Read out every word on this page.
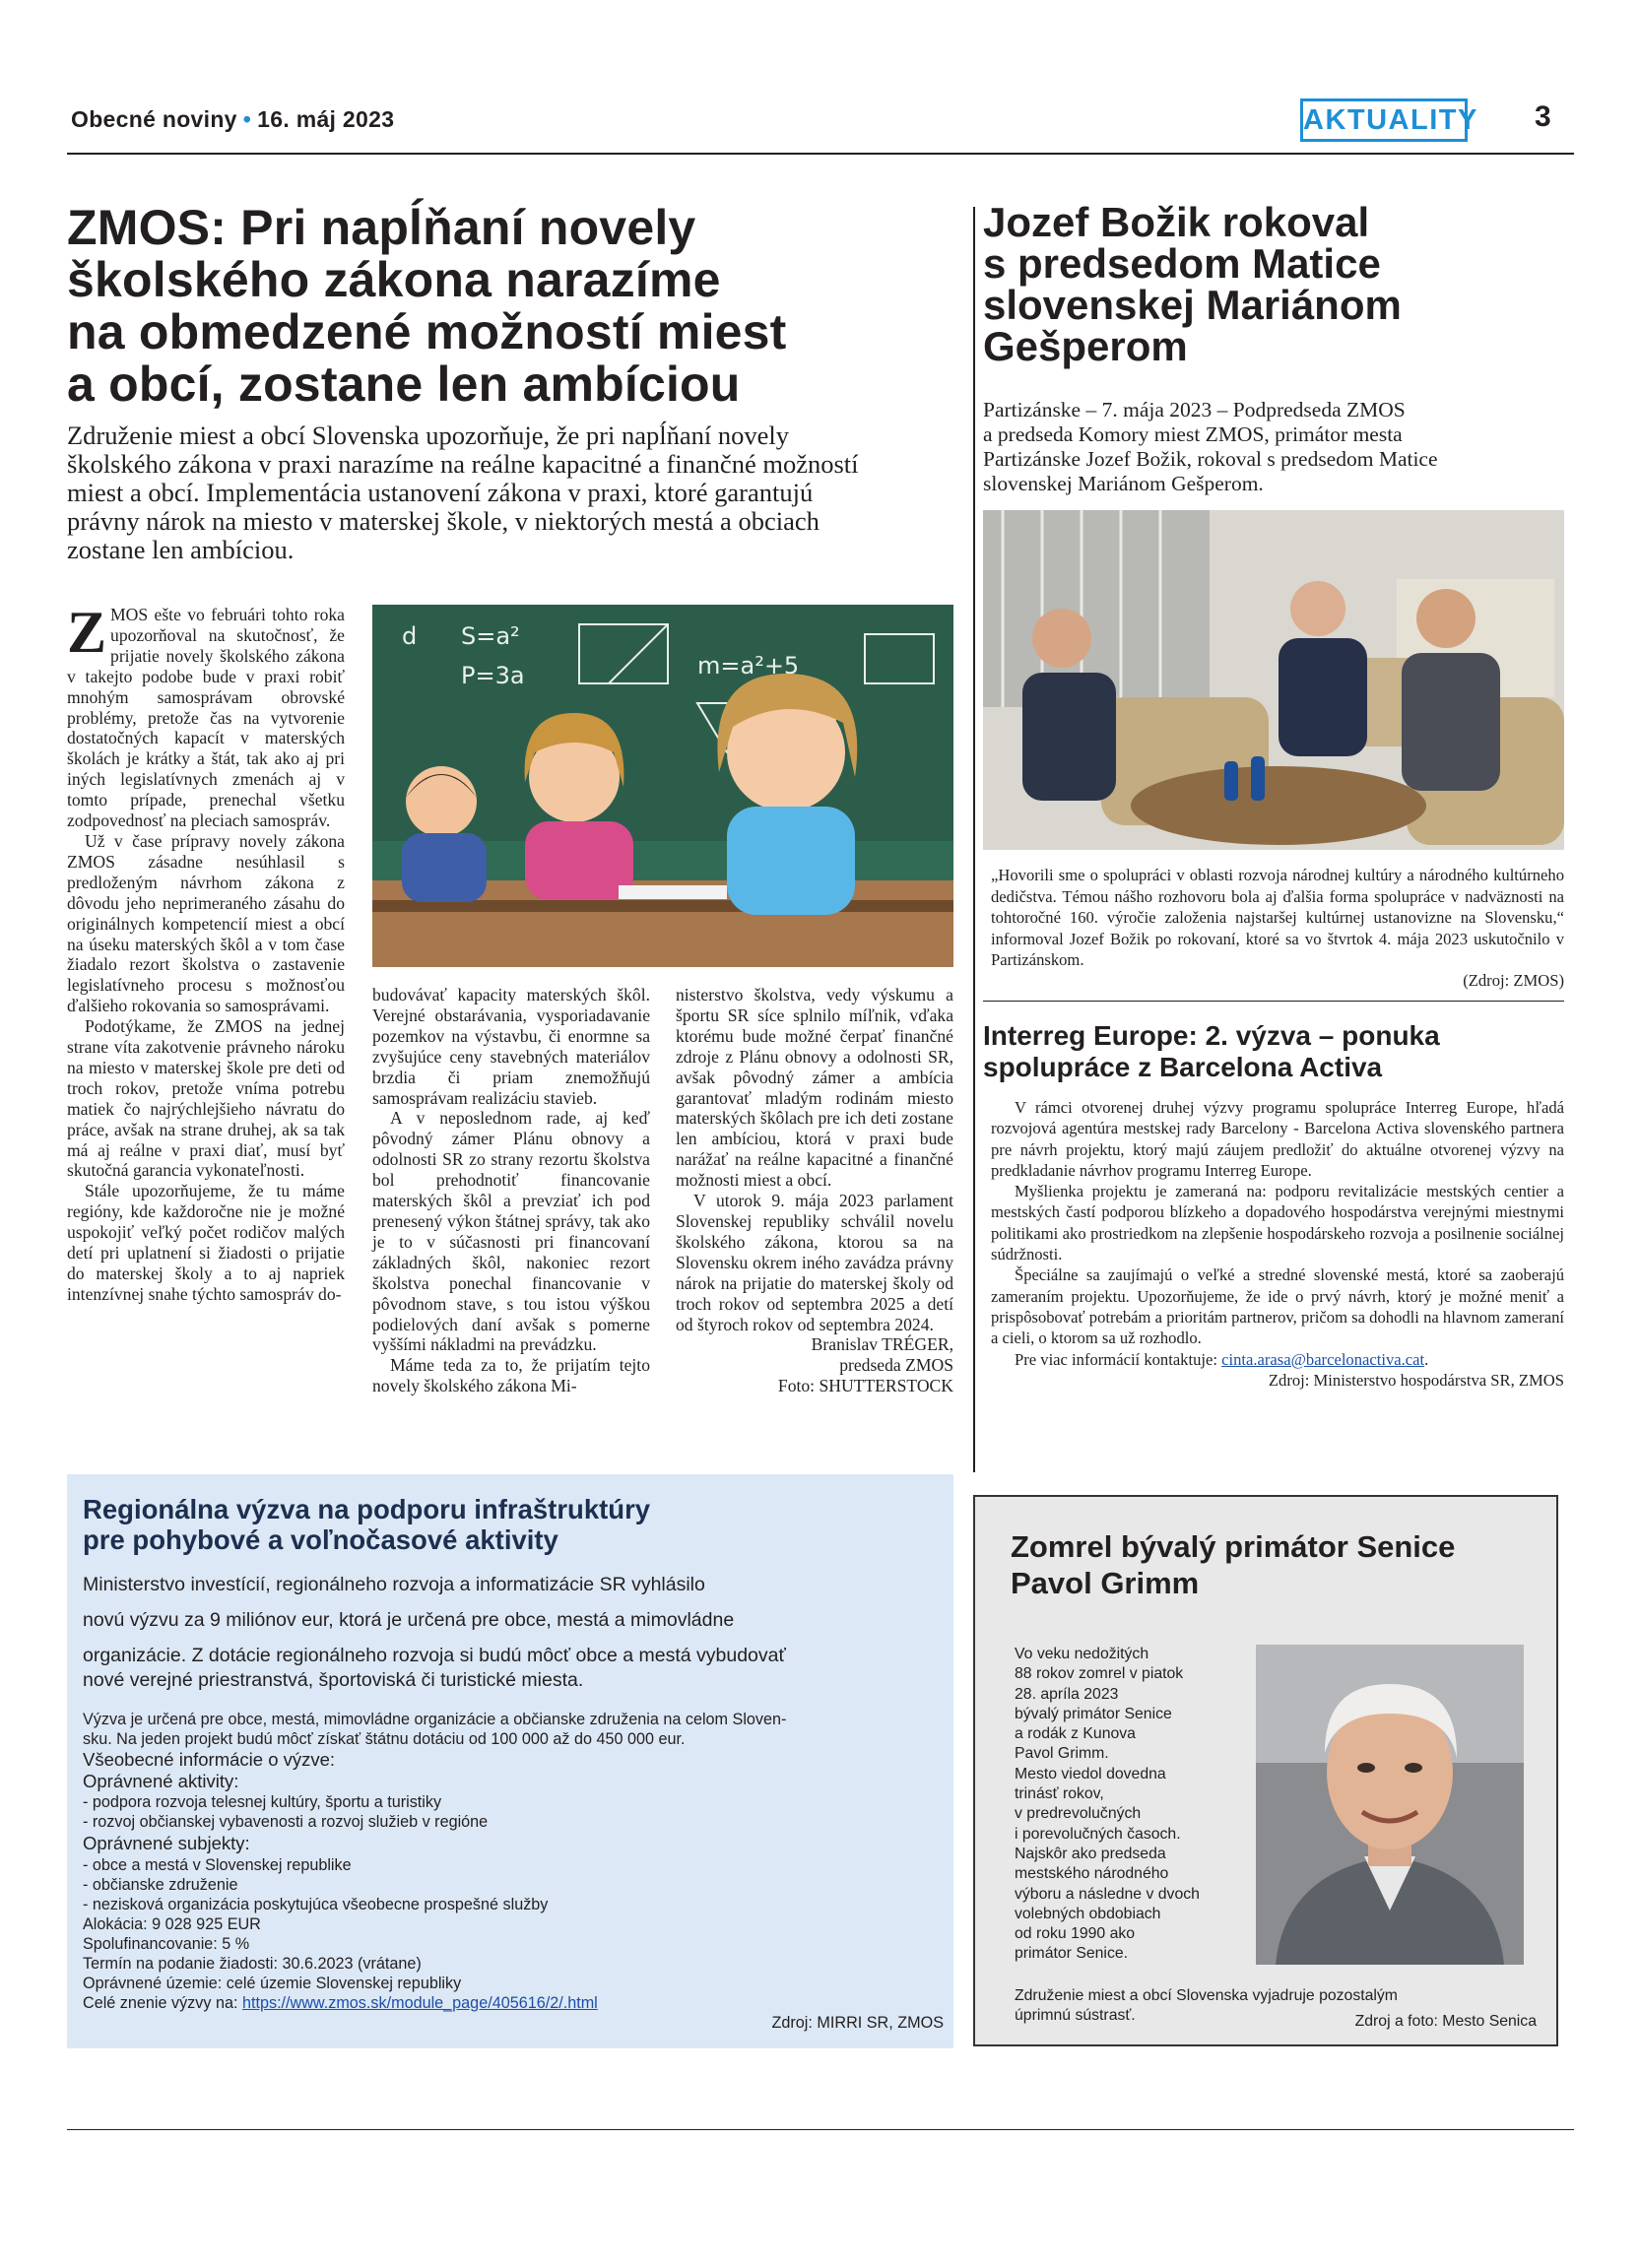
Obecné noviny • 16. máj 2023	AKTUALITY 3
ZMOS: Pri napĺňaní novely
školského zákona narazíme
na obmedzené možností miest
a obcí, zostane len ambíciou
Združenie miest a obcí Slovenska upozorňuje, že pri napĺňaní novely
školského zákona v praxi narazíme na reálne kapacitné a finančné možností
miest a obcí. Implementácia ustanovení zákona v praxi, ktoré garantujú
právny nárok na miesto v materskej škole, v niektorých mestá a obciach
zostane len ambíciou.

ZMOS ešte vo februári tohto roka upozorňoval na skutočnosť, že prijatie novely školského zákona v takejto podobe bude v praxi robiť mnohým samosprávam obrovské problémy, pretože čas na vytvorenie dostatočných kapacít v materských školách je krátky a štát, tak ako aj pri iných legislatívnych zmenách aj v tomto prípade, prenechal všetku zodpovednosť na pleciach samospráv.

Už v čase prípravy novely zákona ZMOS zásadne nesúhlasil s predloženým návrhom zákona z dôvodu jeho neprimeraného zásahu do originálnych kompetencií miest a obcí na úseku materských škôl a v tom čase žiadalo rezort školstva o zastavenie legislatívneho procesu s možnosťou ďalšieho rokovania so samosprávami.

Podotýkame, že ZMOS na jednej strane víta zakotvenie právneho nároku na miesto v materskej škole pre deti od troch rokov, pretože vníma potrebu matiek čo najrýchlejšieho návratu do práce, avšak na strane druhej, ak sa tak má aj reálne v praxi diať, musí byť skutočná garancia vykonateľnosti.

Stále upozorňujeme, že tu máme regióny, kde každoročne nie je možné uspokojiť veľký počet rodičov malých detí pri uplatnení si žiadosti o prijatie do materskej školy a to aj napriek intenzívnej snahe týchto samospráv do-

S=a²
P=3a	m=a²+5
d

budovávať kapacity materských škôl. Verejné obstarávania, vysporiadavanie pozemkov na výstavbu, či enormne sa zvyšujúce ceny stavebných materiálov brzdia či priam znemožňujú samosprávam realizáciu stavieb.

A v neposlednom rade, aj keď pôvodný zámer Plánu obnovy a odolnosti SR zo strany rezortu školstva bol prehodnotiť financovanie materských škôl a prevziať ich pod prenesený výkon štátnej správy, tak ako je to v súčasnosti pri financovaní základných škôl, nakoniec rezort školstva ponechal financovanie v pôvodnom stave, s tou istou výškou podielových daní avšak s pomerne vyššími nákladmi na prevádzku.

Máme teda za to, že prijatím tejto novely školského zákona Mi-

nisterstvo školstva, vedy výskumu a športu SR síce splnilo míľnik, vďaka ktorému bude možné čerpať finančné zdroje z Plánu obnovy a odolnosti SR, avšak pôvodný zámer a ambícia garantovať mladým rodinám miesto materských škôlach pre ich deti zostane len ambíciou, ktorá v praxi bude narážať na reálne kapacitné a finančné možnosti miest a obcí.

V utorok 9. mája 2023 parlament Slovenskej republiky schválil novelu školského zákona, ktorou sa na Slovensku okrem iného zavádza právny nárok na prijatie do materskej školy od troch rokov od septembra 2025 a detí od štyroch rokov od septembra 2024.

Branislav TRÉGER,
predseda ZMOS
Foto: SHUTTERSTOCK
Jozef Božik rokoval
s predsedom Matice
slovenskej Mariánom
Gešperom
Partizánske – 7. mája 2023 – Podpredseda ZMOS
a predseda Komory miest ZMOS, primátor mesta
Partizánske Jozef Božik, rokoval s predsedom Matice
slovenskej Mariánom Gešperom.
„Hovorili sme o spolupráci v oblasti rozvoja národnej kultúry a národného kultúrneho dedičstva. Témou nášho rozhovoru bola aj ďalšia forma spolupráce v nadväznosti na tohtoročné 160. výročie založenia najstaršej kultúrnej ustanovizne na Slovensku,“ informoval Jozef Božik po rokovaní, ktoré sa vo štvrtok 4. mája 2023 uskutočnilo v Partizánskom.
(Zdroj: ZMOS)
Interreg Europe: 2. výzva – ponuka
spolupráce z Barcelona Activa

V rámci otvorenej druhej výzvy programu spolupráce Interreg Europe, hľadá rozvojová agentúra mestskej rady Barcelony - Barcelona Activa slovenského partnera pre návrh projektu, ktorý majú záujem predložiť do aktuálne otvorenej výzvy na predkladanie návrhov programu Interreg Europe.

Myšlienka projektu je zameraná na: podporu revitalizácie mestských centier a mestských častí podporou blízkeho a dopadového hospodárstva verejnými miestnymi politikami ako prostriedkom na zlepšenie hospodárskeho rozvoja a posilnenie sociálnej súdržnosti.

Špeciálne sa zaujímajú o veľké a stredné slovenské mestá, ktoré sa zaoberajú zameraním projektu. Upozorňujeme, že ide o prvý návrh, ktorý je možné meniť a prispôsobovať potrebám a prioritám partnerov, pričom sa dohodli na hlavnom zameraní a cieli, o ktorom sa už rozhodlo.

Pre viac informácií kontaktuje: cinta.arasa@barcelonactiva.cat.

Zdroj: Ministerstvo hospodárstva SR, ZMOS
Regionálna výzva na podporu infraštruktúry
pre pohybové a voľnočasové aktivity
Ministerstvo investícií, regionálneho rozvoja a informatizácie SR vyhlásilo
novú výzvu za 9 miliónov eur, ktorá je určená pre obce, mestá a mimovládne
organizácie. Z dotácie regionálneho rozvoja si budú môcť obce a mestá vybudovať
nové verejné priestranstvá, športoviská či turistické miesta.
Výzva je určená pre obce, mestá, mimovládne organizácie a občianske združenia na celom Sloven-
sku. Na jeden projekt budú môcť získať štátnu dotáciu od 100 000 až do 450 000 eur.
Všeobecné informácie o výzve:
Oprávnené aktivity:
- podpora rozvoja telesnej kultúry, športu a turistiky
- rozvoj občianskej vybavenosti a rozvoj služieb v regióne
Oprávnené subjekty:
- obce a mestá v Slovenskej republike
- občianske združenie
- nezisková organizácia poskytujúca všeobecne prospešné služby
Alokácia: 9 028 925 EUR
Spolufinancovanie: 5 %
Termín na podanie žiadosti: 30.6.2023 (vrátane)
Oprávnené územie: celé územie Slovenskej republiky
Celé znenie výzvy na: https://www.zmos.sk/module_page/405616/2/.html
Zdroj: MIRRI SR, ZMOS
Zomrel bývalý primátor Senice
Pavol Grimm
Vo veku nedožitých
88 rokov zomrel v piatok
28. apríla 2023
bývalý primátor Senice
a rodák z Kunova
Pavol Grimm.
Mesto viedol dovedna
trinásť rokov,
v predrevolučných
i porevolučných časoch.
Najskôr ako predseda
mestského národného
výboru a následne v dvoch
volebných obdobiach
od roku 1990 ako
primátor Senice.
Združenie miest a obcí Slovenska vyjadruje pozostalým
úprimnú sústrasť.	Zdroj a foto: Mesto Senica
